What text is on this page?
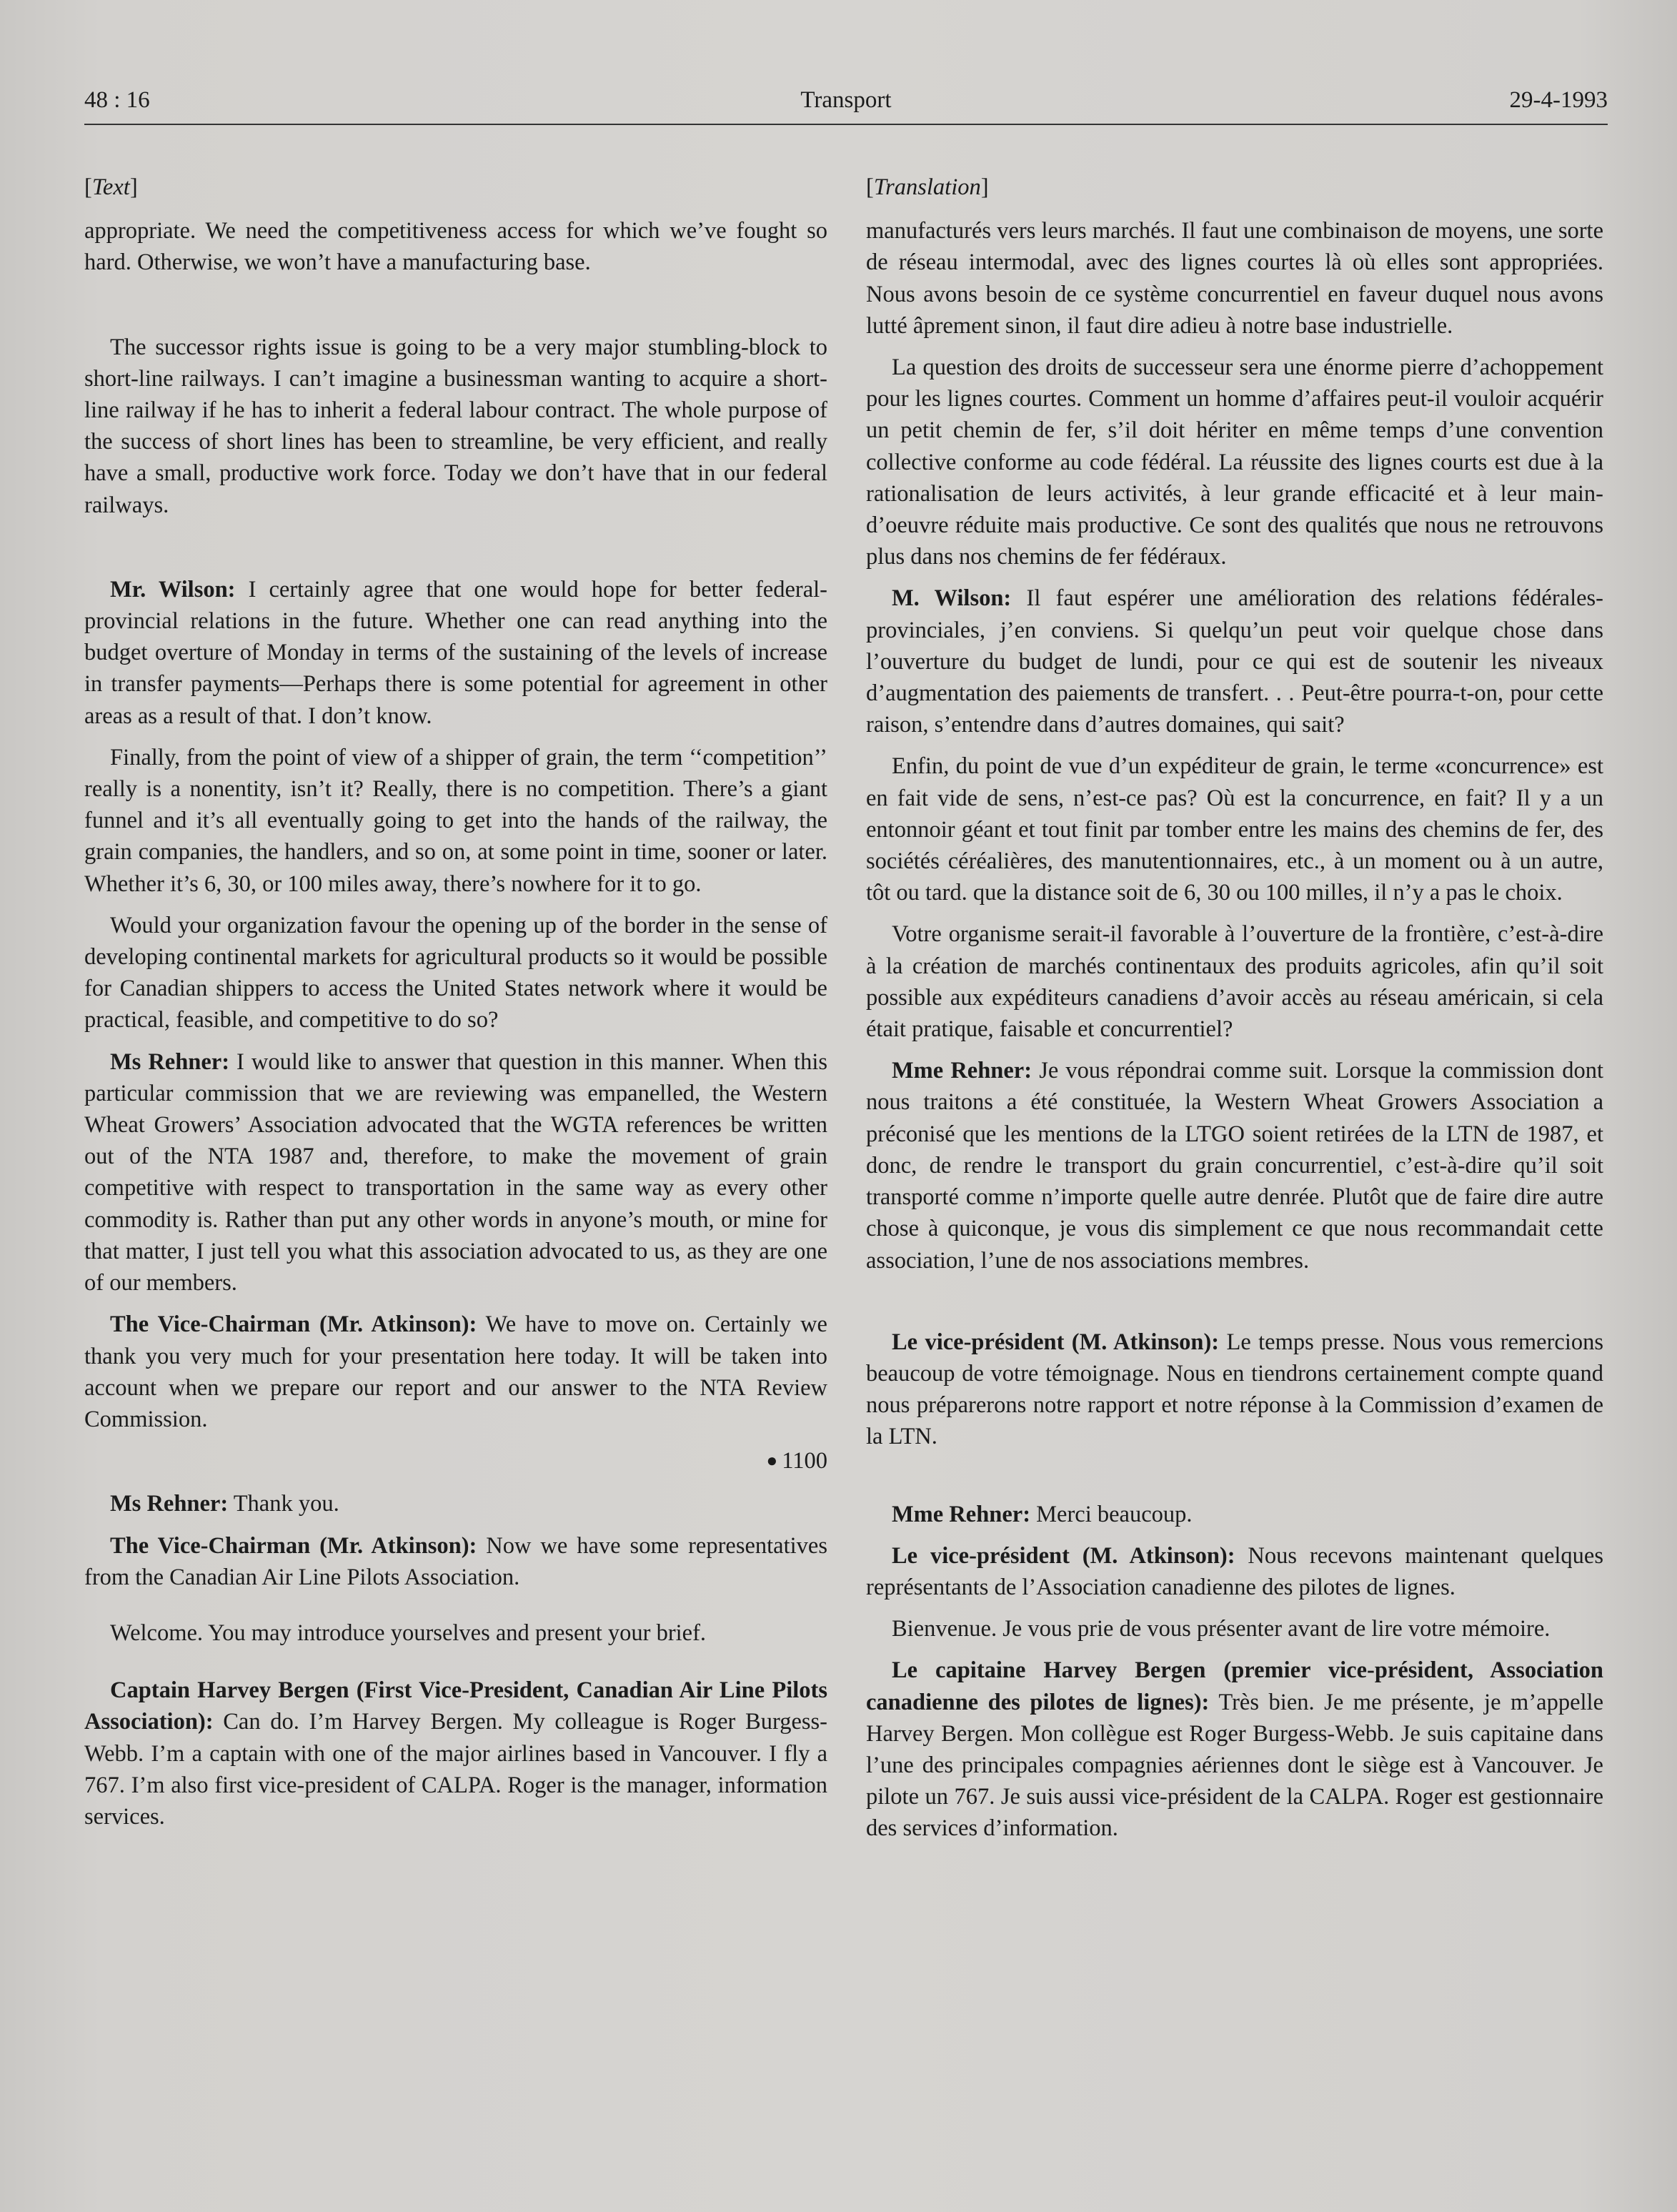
48 : 16	Transport	29-4-1993
[Text]

appropriate. We need the competitiveness access for which we’ve fought so hard. Otherwise, we won’t have a manufacturing base.

The successor rights issue is going to be a very major stumbling-block to short-line railways. I can’t imagine a businessman wanting to acquire a short-line railway if he has to inherit a federal labour contract. The whole purpose of the success of short lines has been to streamline, be very efficient, and really have a small, productive work force. Today we don’t have that in our federal railways.

Mr. Wilson: I certainly agree that one would hope for better federal-provincial relations in the future. Whether one can read anything into the budget overture of Monday in terms of the sustaining of the levels of increase in transfer payments—Perhaps there is some potential for agreement in other areas as a result of that. I don’t know.

Finally, from the point of view of a shipper of grain, the term ‘‘competition’’ really is a nonentity, isn’t it? Really, there is no competition. There’s a giant funnel and it’s all eventually going to get into the hands of the railway, the grain companies, the handlers, and so on, at some point in time, sooner or later. Whether it’s 6, 30, or 100 miles away, there’s nowhere for it to go.

Would your organization favour the opening up of the border in the sense of developing continental markets for agricultural products so it would be possible for Canadian shippers to access the United States network where it would be practical, feasible, and competitive to do so?

Ms Rehner: I would like to answer that question in this manner. When this particular commission that we are reviewing was empanelled, the Western Wheat Growers’ Association advocated that the WGTA references be written out of the NTA 1987 and, therefore, to make the movement of grain competitive with respect to transportation in the same way as every other commodity is. Rather than put any other words in anyone’s mouth, or mine for that matter, I just tell you what this association advocated to us, as they are one of our members.

The Vice-Chairman (Mr. Atkinson): We have to move on. Certainly we thank you very much for your presentation here today. It will be taken into account when we prepare our report and our answer to the NTA Review Commission.

● 1100

Ms Rehner: Thank you.

The Vice-Chairman (Mr. Atkinson): Now we have some representatives from the Canadian Air Line Pilots Association.

Welcome. You may introduce yourselves and present your brief.

Captain Harvey Bergen (First Vice-President, Canadian Air Line Pilots Association): Can do. I’m Harvey Bergen. My colleague is Roger Burgess-Webb. I’m a captain with one of the major airlines based in Vancouver. I fly a 767. I’m also first vice-president of CALPA. Roger is the manager, information services.

[Translation]

manufacturés vers leurs marchés. Il faut une combinaison de moyens, une sorte de réseau intermodal, avec des lignes courtes là où elles sont appropriées. Nous avons besoin de ce système concurrentiel en faveur duquel nous avons lutté âprement sinon, il faut dire adieu à notre base industrielle.

La question des droits de successeur sera une énorme pierre d’achoppement pour les lignes courtes. Comment un homme d’affaires peut-il vouloir acquérir un petit chemin de fer, s’il doit hériter en même temps d’une convention collective conforme au code fédéral. La réussite des lignes courts est due à la rationalisation de leurs activités, à leur grande efficacité et à leur main-d’oeuvre réduite mais productive. Ce sont des qualités que nous ne retrouvons plus dans nos chemins de fer fédéraux.

M. Wilson: Il faut espérer une amélioration des relations fédérales-provinciales, j’en conviens. Si quelqu’un peut voir quelque chose dans l’ouverture du budget de lundi, pour ce qui est de soutenir les niveaux d’augmentation des paiements de transfert. . . Peut-être pourra-t-on, pour cette raison, s’entendre dans d’autres domaines, qui sait?

Enfin, du point de vue d’un expéditeur de grain, le terme «concurrence» est en fait vide de sens, n’est-ce pas? Où est la concurrence, en fait? Il y a un entonnoir géant et tout finit par tomber entre les mains des chemins de fer, des sociétés céréalières, des manutentionnaires, etc., à un moment ou à un autre, tôt ou tard. que la distance soit de 6, 30 ou 100 milles, il n’y a pas le choix.

Votre organisme serait-il favorable à l’ouverture de la frontière, c’est-à-dire à la création de marchés continentaux des produits agricoles, afin qu’il soit possible aux expéditeurs canadiens d’avoir accès au réseau américain, si cela était pratique, faisable et concurrentiel?

Mme Rehner: Je vous répondrai comme suit. Lorsque la commission dont nous traitons a été constituée, la Western Wheat Growers Association a préconisé que les mentions de la LTGO soient retirées de la LTN de 1987, et donc, de rendre le transport du grain concurrentiel, c’est-à-dire qu’il soit transporté comme n’importe quelle autre denrée. Plutôt que de faire dire autre chose à quiconque, je vous dis simplement ce que nous recommandait cette association, l’une de nos associations membres.

Le vice-président (M. Atkinson): Le temps presse. Nous vous remercions beaucoup de votre témoignage. Nous en tiendrons certainement compte quand nous préparerons notre rapport et notre réponse à la Commission d’examen de la LTN.

Mme Rehner: Merci beaucoup.

Le vice-président (M. Atkinson): Nous recevons maintenant quelques représentants de l’Association canadienne des pilotes de lignes.

Bienvenue. Je vous prie de vous présenter avant de lire votre mémoire.

Le capitaine Harvey Bergen (premier vice-président, Association canadienne des pilotes de lignes): Très bien. Je me présente, je m’appelle Harvey Bergen. Mon collègue est Roger Burgess-Webb. Je suis capitaine dans l’une des principales compagnies aériennes dont le siège est à Vancouver. Je pilote un 767. Je suis aussi vice-président de la CALPA. Roger est gestionnaire des services d’information.
